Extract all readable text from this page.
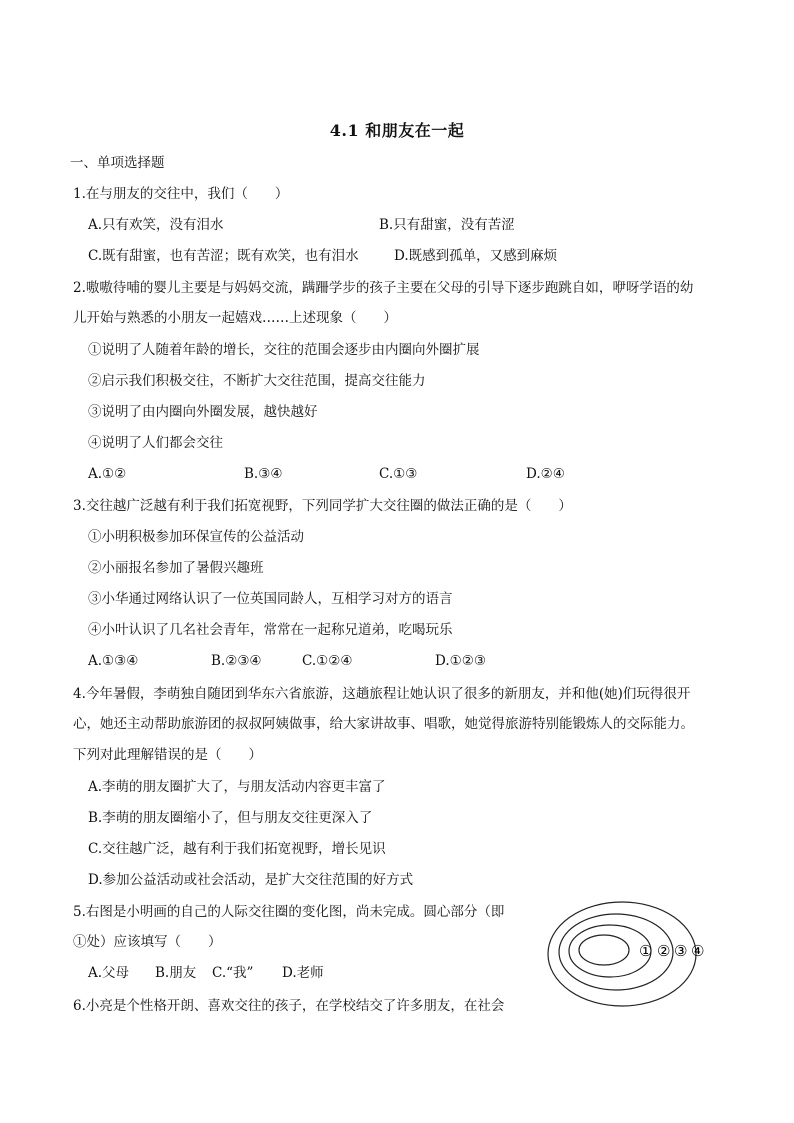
4.1 和朋友在一起
一、单项选择题
1.在与朋友的交往中，我们（　　）
A.只有欢笑，没有泪水	B.只有甜蜜，没有苦涩
C.既有甜蜜，也有苦涩；既有欢笑，也有泪水	D.既感到孤单，又感到麻烦
2.嗷嗷待哺的婴儿主要是与妈妈交流，蹒跚学步的孩子主要在父母的引导下逐步跑跳自如，咿呀学语的幼
儿开始与熟悉的小朋友一起嬉戏……上述现象（　　）
①说明了人随着年龄的增长，交往的范围会逐步由内圈向外圈扩展
②启示我们积极交往，不断扩大交往范围，提高交往能力
③说明了由内圈向外圈发展，越快越好
④说明了人们都会交往
A.①②	B.③④	C.①③	D.②④
3.交往越广泛越有利于我们拓宽视野，下列同学扩大交往圈的做法正确的是（　　）
①小明积极参加环保宣传的公益活动
②小丽报名参加了暑假兴趣班
③小华通过网络认识了一位英国同龄人，互相学习对方的语言
④小叶认识了几名社会青年，常常在一起称兄道弟，吃喝玩乐
A.①③④	B.②③④	C.①②④	D.①②③
4.今年暑假，李萌独自随团到华东六省旅游，这趟旅程让她认识了很多的新朋友，并和他(她)们玩得很开
心，她还主动帮助旅游团的叔叔阿姨做事，给大家讲故事、唱歌，她觉得旅游特别能锻炼人的交际能力。
下列对此理解错误的是（　　）
A.李萌的朋友圈扩大了，与朋友活动内容更丰富了
B.李萌的朋友圈缩小了，但与朋友交往更深入了
C.交往越广泛，越有利于我们拓宽视野，增长见识
D.参加公益活动或社会活动，是扩大交往范围的好方式
5.右图是小明画的自己的人际交往圈的变化图，尚未完成。圆心部分（即
①处）应该填写（　　）
A.父母 B.朋友 C.“我” D.老师
① ② ③ ④
6.小亮是个性格开朗、喜欢交往的孩子，在学校结交了许多朋友，在社会
